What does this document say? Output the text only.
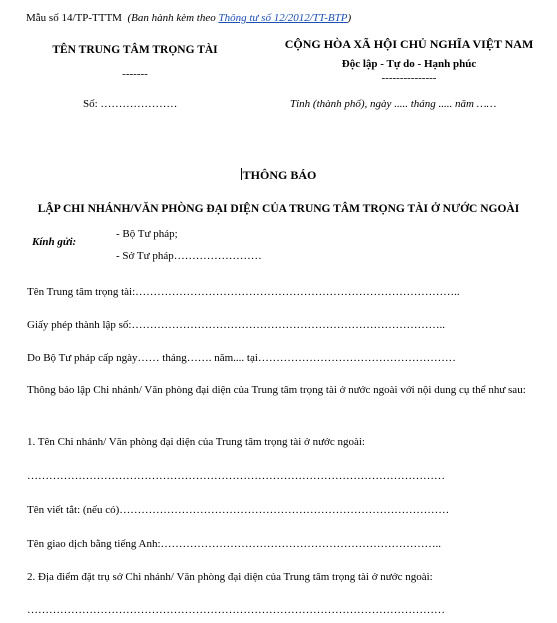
Mẫu số 14/TP-TTTM (Ban hành kèm theo Thông tư số 12/2012/TT-BTP)
TÊN TRUNG TÂM TRỌNG TÀI
-------
CỘNG HÒA XÃ HỘI CHỦ NGHĨA VIỆT NAM
Độc lập - Tự do - Hạnh phúc
---------------
Số: …………………	Tỉnh (thành phố), ngày ..... tháng ..... năm ……
THÔNG BÁO
LẬP CHI NHÁNH/VĂN PHÒNG ĐẠI DIỆN CỦA TRUNG TÂM TRỌNG TÀI Ở NƯỚC NGOÀI
Kính gửi:
- Bộ Tư pháp;
- Sở Tư pháp……………………
Tên Trung tâm trọng tài:……………………………………………………………………………..
Giấy phép thành lập số:…………………………………………………………………………..
Do Bộ Tư pháp cấp ngày…… tháng……. năm.... tại………………………………………………
Thông báo lập Chi nhánh/ Văn phòng đại diện của Trung tâm trọng tài ở nước ngoài với nội dung cụ thể như sau:
1. Tên Chi nhánh/ Văn phòng đại diện của Trung tâm trọng tài ở nước ngoài:
……………………………………………………………………………………………………
Tên viết tắt: (nếu có)………………………………………………………………………………
Tên giao dịch bằng tiếng Anh:…………………………………………………………………..
2. Địa điểm đặt trụ sở Chi nhánh/ Văn phòng đại diện của Trung tâm trọng tài ở nước ngoài:
……………………………………………………………………………………………………
